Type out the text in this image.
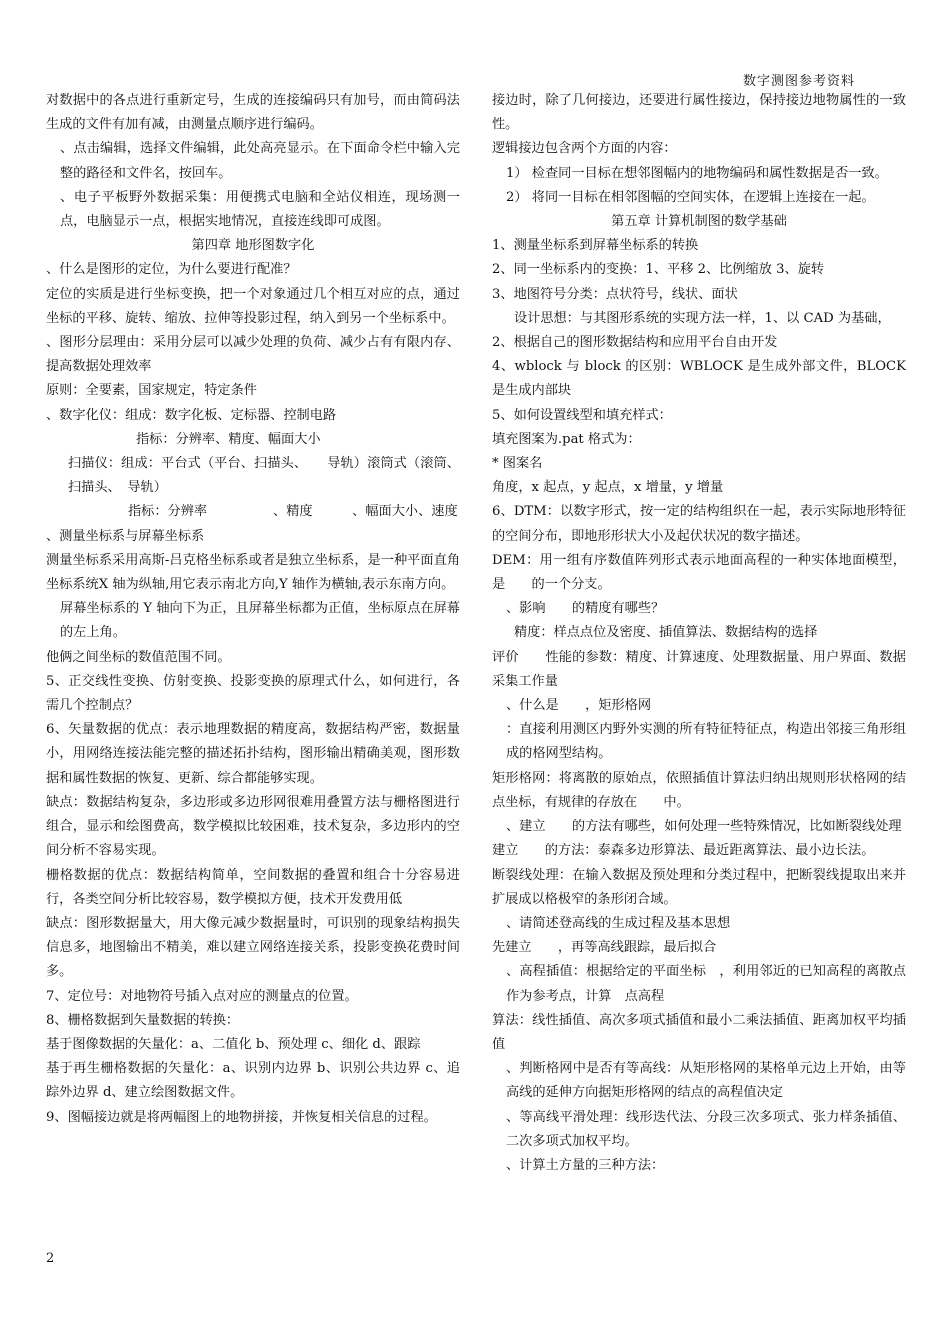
数字测图参考资料

对数据中的各点进行重新定号，生成的连接编码只有加号，而由简码法生成的文件有加有减，由测量点顺序进行编码。

、点击编辑，选择文件编辑，此处高亮显示。在下面命令栏中输入完整的路径和文件名，按回车。

、电子平板野外数据采集：用便携式电脑和全站仪相连，现场测一点，电脑显示一点，根据实地情况，直接连线即可成图。

第四章 地形图数字化

、什么是图形的定位，为什么要进行配准？

定位的实质是进行坐标变换，把一个对象通过几个相互对应的点，通过坐标的平移、旋转、缩放、拉伸等投影过程，纳入到另一个坐标系中。

、图形分层理由：采用分层可以减少处理的负荷、减少占有有限内存、提高数据处理效率

原则：全要素，国家规定，特定条件

、数字化仪：组成：数字化板、定标器、控制电路

指标：分辨率、精度、幅面大小

扫描仪：组成：平台式（平台、扫描头、　　导轨）滚筒式（滚筒、扫描头、　导轨）

指标：分辨率　　　　　、精度　　　、幅面大小、速度

、测量坐标系与屏幕坐标系

测量坐标系采用高斯-吕克格坐标系或者是独立坐标系，是一种平面直角坐标系统X 轴为纵轴,用它表示南北方向,Y 轴作为横轴,表示东南方向。

屏幕坐标系的 Y 轴向下为正，且屏幕坐标都为正值，坐标原点在屏幕的左上角。

他俩之间坐标的数值范围不同。

5、正交线性变换、仿射变换、投影变换的原理式什么，如何进行，各需几个控制点？

6、矢量数据的优点：表示地理数据的精度高，数据结构严密，数据量小，用网络连接法能完整的描述拓扑结构，图形输出精确美观，图形数据和属性数据的恢复、更新、综合都能够实现。

缺点：数据结构复杂，多边形或多边形网很难用叠置方法与栅格图进行组合，显示和绘图费高，数学模拟比较困难，技术复杂，多边形内的空间分析不容易实现。

栅格数据的优点：数据结构简单，空间数据的叠置和组合十分容易进行，各类空间分析比较容易，数学模拟方便，技术开发费用低

缺点：图形数据量大，用大像元减少数据量时，可识别的现象结构损失信息多，地图输出不精美，难以建立网络连接关系，投影变换花费时间多。

7、定位号：对地物符号插入点对应的测量点的位置。

8、栅格数据到矢量数据的转换：

基于图像数据的矢量化：a、二值化 b、预处理 c、细化 d、跟踪

基于再生栅格数据的矢量化：a、识别内边界 b、识别公共边界 c、追踪外边界 d、建立绘图数据文件。

9、图幅接边就是将两幅图上的地物拼接，并恢复相关信息的过程。

接边时，除了几何接边，还要进行属性接边，保持接边地物属性的一致性。

逻辑接边包含两个方面的内容：

1） 检查同一目标在想邻图幅内的地物编码和属性数据是否一致。

2） 将同一目标在相邻图幅的空间实体，在逻辑上连接在一起。

第五章 计算机制图的数学基础

1、测量坐标系到屏幕坐标系的转换

2、同一坐标系内的变换：1、平移 2、比例缩放 3、旋转

3、地图符号分类：点状符号，线状、面状

设计思想：与其图形系统的实现方法一样，1、以 CAD 为基础，

2、根据自己的图形数据结构和应用平台自由开发

4、wblock 与 block 的区别：WBLOCK 是生成外部文件，BLOCK 是生成内部块

5、如何设置线型和填充样式：

填充图案为.pat 格式为：

* 图案名

角度，x 起点，y 起点，x 增量，y 增量

6、DTM：以数字形式，按一定的结构组织在一起，表示实际地形特征的空间分布，即地形形状大小及起伏状况的数字描述。

DEM：用一组有序数值阵列形式表示地面高程的一种实体地面模型，是　　的一个分支。

、影响　　的精度有哪些？

精度：样点点位及密度、插值算法、数据结构的选择

评价　　性能的参数：精度、计算速度、处理数据量、用户界面、数据采集工作量

、什么是　　，矩形格网

：直接利用测区内野外实测的所有特征特征点，构造出邻接三角形组成的格网型结构。

矩形格网：将离散的原始点，依照插值计算法归纳出规则形状格网的结点坐标，有规律的存放在　　中。

、建立　　的方法有哪些，如何处理一些特殊情况，比如断裂线处理

建立　　的方法：泰森多边形算法、最近距离算法、最小边长法。

断裂线处理：在输入数据及预处理和分类过程中，把断裂线提取出来并扩展成以格极窄的条形闭合域。

、请简述登高线的生成过程及基本思想

先建立　　，再等高线跟踪，最后拟合

、高程插值：根据给定的平面坐标　，利用邻近的已知高程的离散点作为参考点，计算　点高程

算法：线性插值、高次多项式插值和最小二乘法插值、距离加权平均插值

、判断格网中是否有等高线：从矩形格网的某格单元边上开始，由等高线的延伸方向据矩形格网的结点的高程值决定

、等高线平滑处理：线形迭代法、分段三次多项式、张力样条插值、二次多项式加权平均。

、计算土方量的三种方法：

2
